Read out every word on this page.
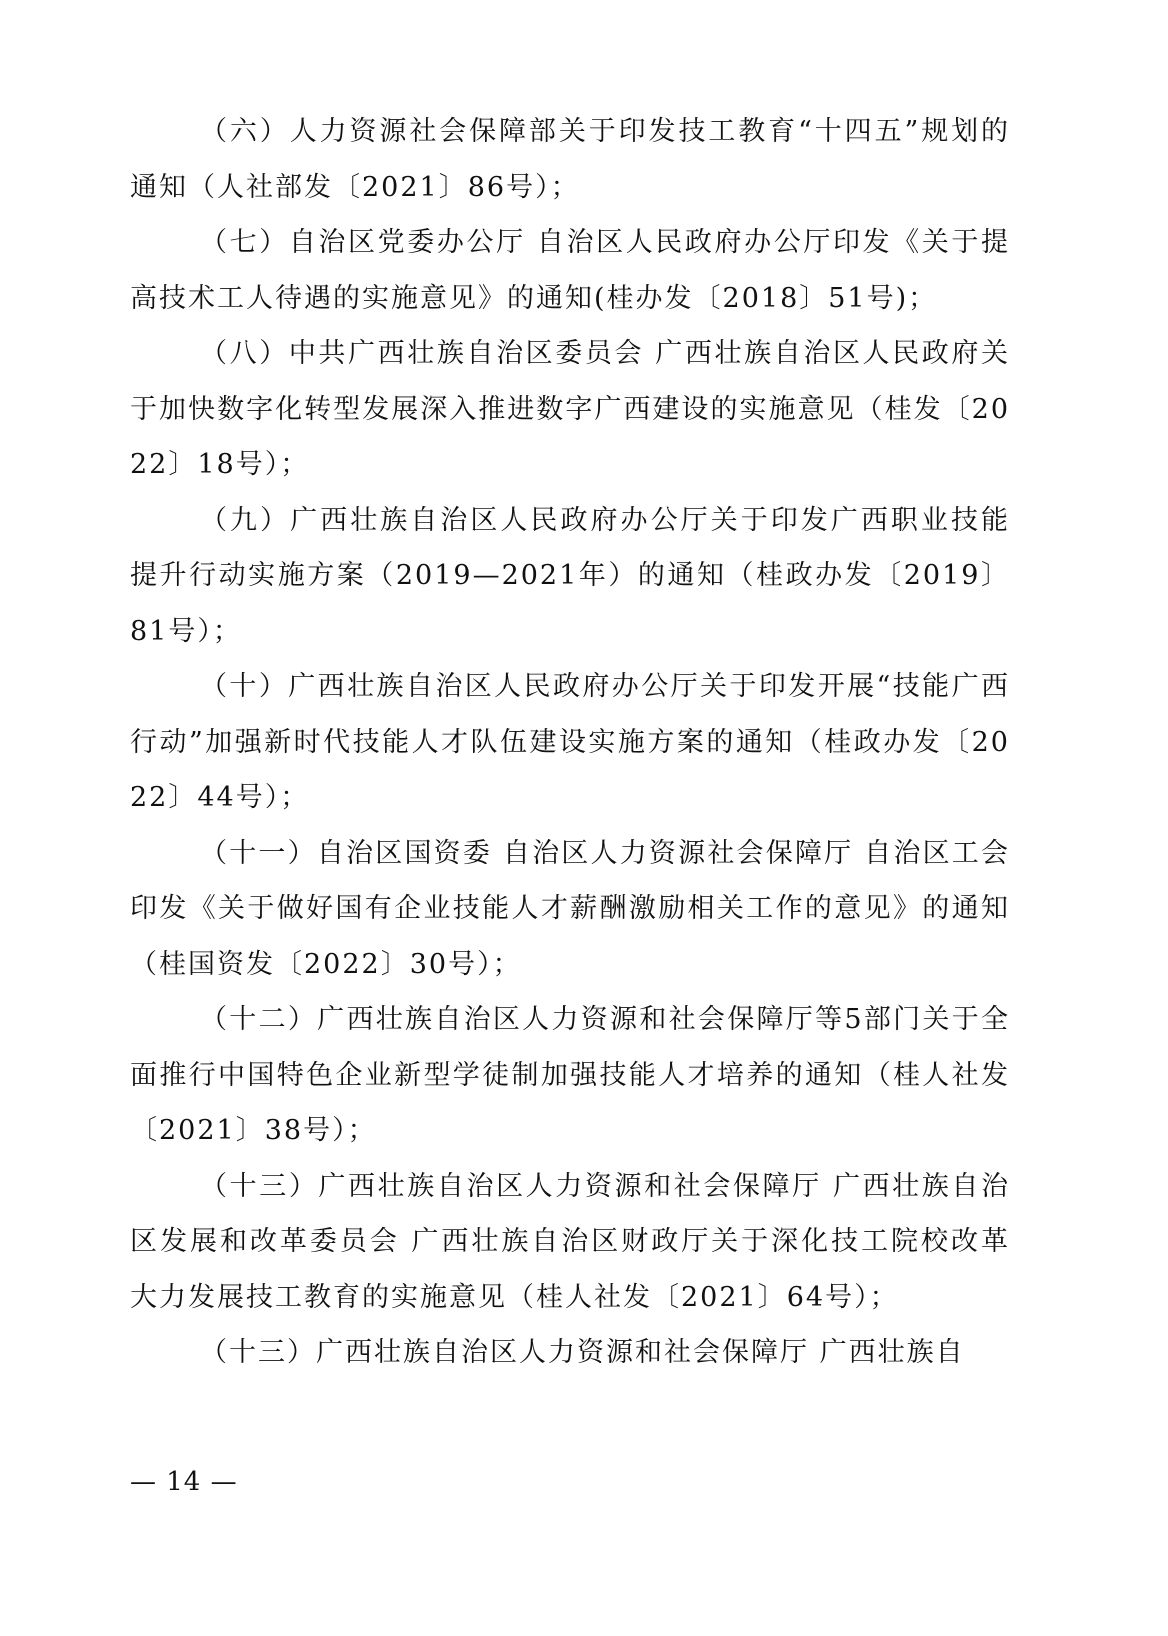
（六）人力资源社会保障部关于印发技工教育“十四五”规划的通知（人社部发〔2021〕86号）；

（七）自治区党委办公厅 自治区人民政府办公厅印发《关于提高技术工人待遇的实施意见》的通知(桂办发〔2018〕51号)；

（八）中共广西壮族自治区委员会 广西壮族自治区人民政府关于加快数字化转型发展深入推进数字广西建设的实施意见（桂发〔2022〕18号）；

（九）广西壮族自治区人民政府办公厅关于印发广西职业技能提升行动实施方案（2019—2021年）的通知（桂政办发〔2019〕81号）；

（十）广西壮族自治区人民政府办公厅关于印发开展“技能广西行动”加强新时代技能人才队伍建设实施方案的通知（桂政办发〔2022〕44号）；

（十一）自治区国资委 自治区人力资源社会保障厅 自治区工会印发《关于做好国有企业技能人才薪酬激励相关工作的意见》的通知（桂国资发〔2022〕30号）；

（十二）广西壮族自治区人力资源和社会保障厅等5部门关于全面推行中国特色企业新型学徒制加强技能人才培养的通知（桂人社发〔2021〕38号）；

（十三）广西壮族自治区人力资源和社会保障厅 广西壮族自治区发展和改革委员会 广西壮族自治区财政厅关于深化技工院校改革 大力发展技工教育的实施意见（桂人社发〔2021〕64号）；

（十三）广西壮族自治区人力资源和社会保障厅 广西壮族自

— 14 —
